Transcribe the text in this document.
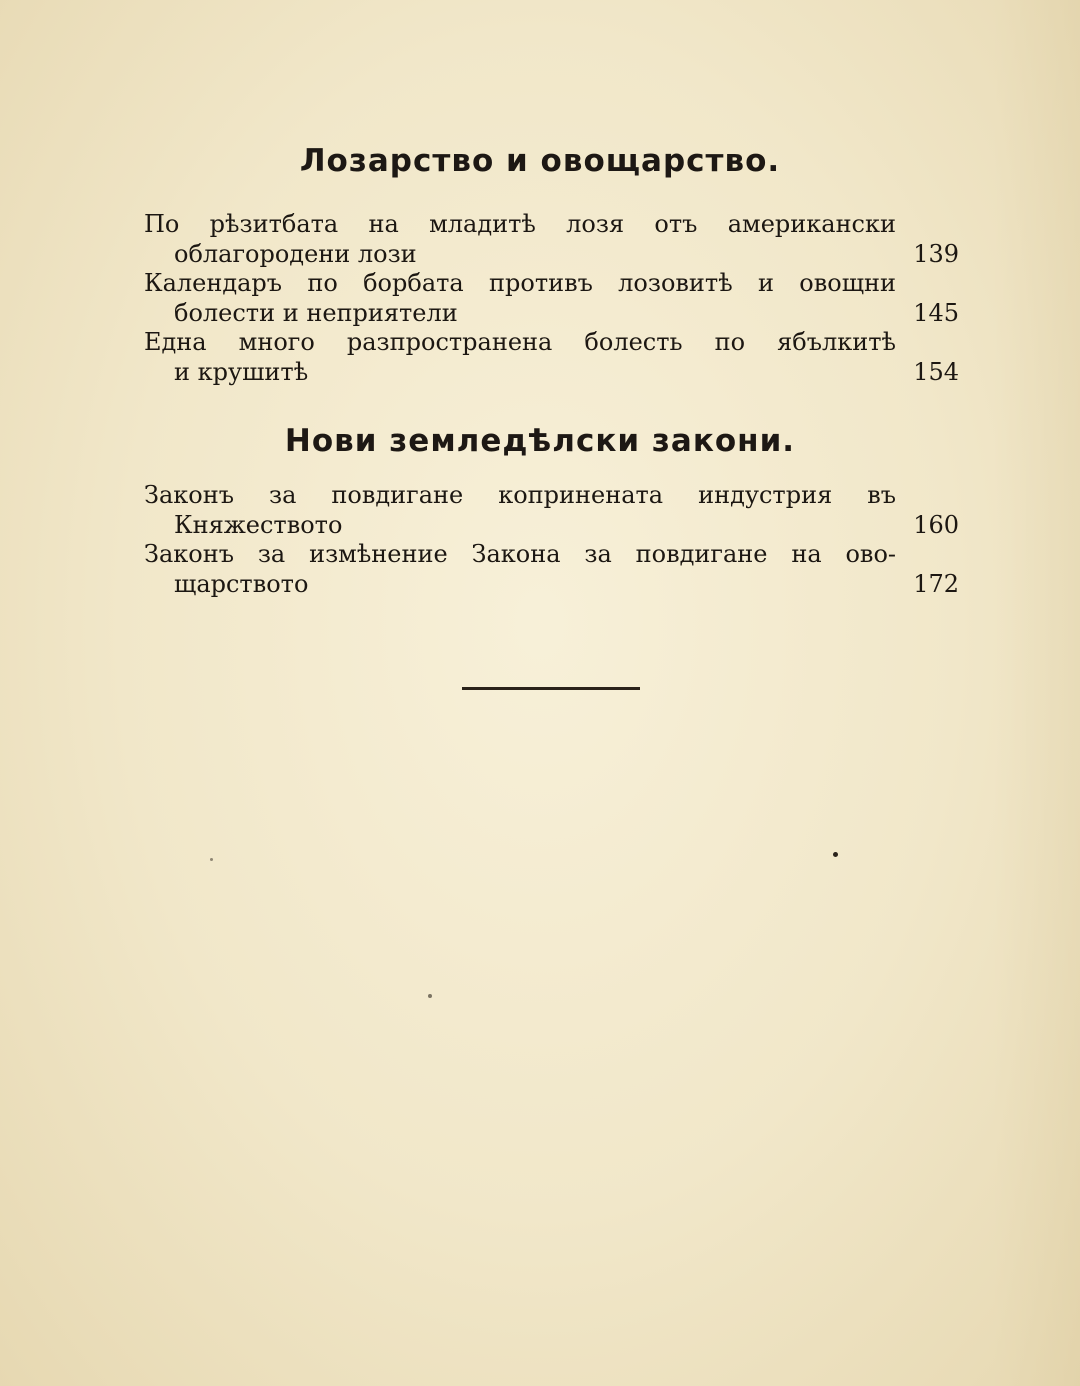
Лозарство и овощарство.

По рѣзитбата на младитѣ лозя отъ американски
облагородени лози	139

Календаръ по борбата противъ лозовитѣ и овощни
болести и неприятели	145

Една много разпространена болесть по ябълкитѣ
и крушитѣ	154

Нови земледѣлски закони.

Законъ за повдигане копринената индустрия въ
Княжеството	160

Законъ за измѣнение Закона за повдигане на ово-
щарството	172
